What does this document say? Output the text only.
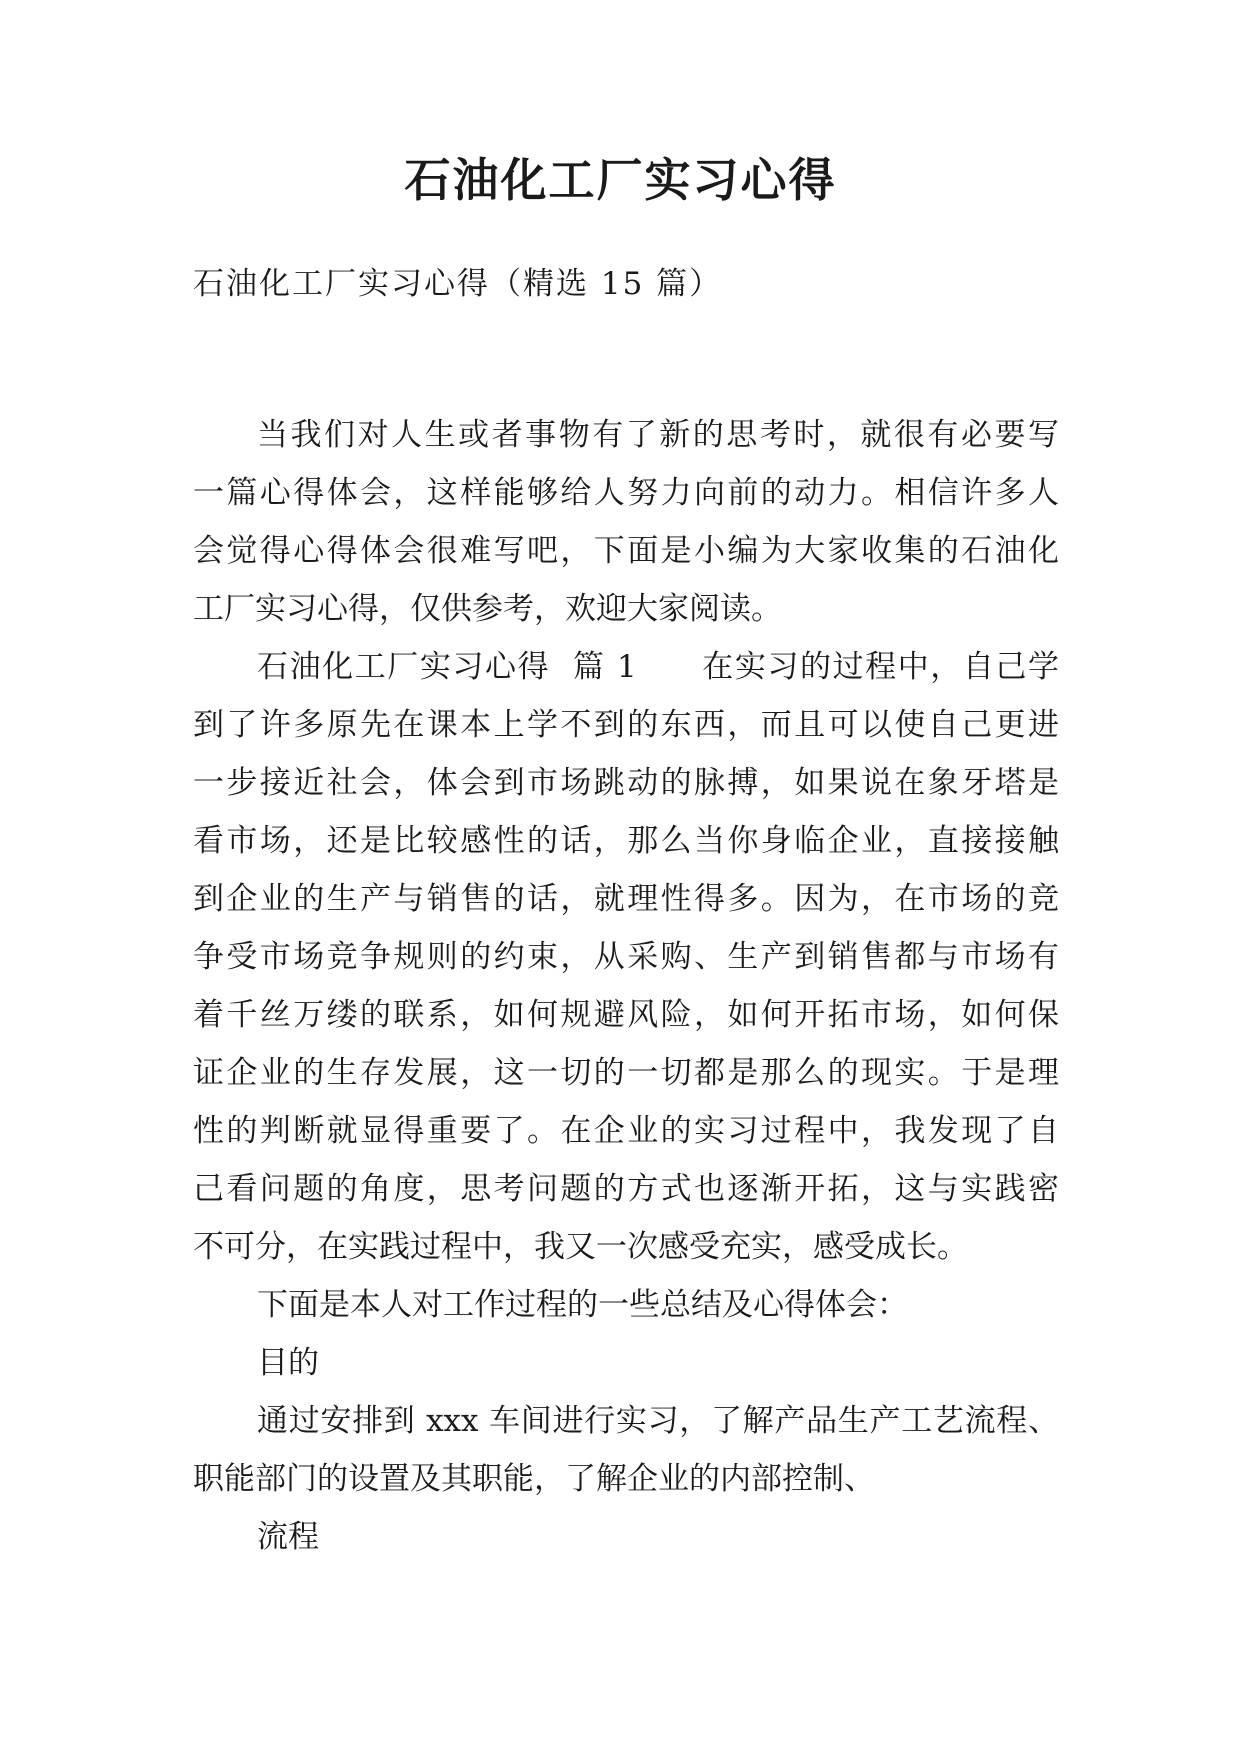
石油化工厂实习心得
石油化工厂实习心得（精选 15 篇）
当我们对人生或者事物有了新的思考时，就很有必要写
一篇心得体会，这样能够给人努力向前的动力。相信许多人
会觉得心得体会很难写吧，下面是小编为大家收集的石油化
工厂实习心得，仅供参考，欢迎大家阅读。
石油化工厂实习心得  篇 1 在实习的过程中，自己学
到了许多原先在课本上学不到的东西，而且可以使自己更进
一步接近社会，体会到市场跳动的脉搏，如果说在象牙塔是
看市场，还是比较感性的话，那么当你身临企业，直接接触
到企业的生产与销售的话，就理性得多。因为，在市场的竞
争受市场竞争规则的约束，从采购、生产到销售都与市场有
着千丝万缕的联系，如何规避风险，如何开拓市场，如何保
证企业的生存发展，这一切的一切都是那么的现实。于是理
性的判断就显得重要了。在企业的实习过程中，我发现了自
己看问题的角度，思考问题的方式也逐渐开拓，这与实践密
不可分，在实践过程中，我又一次感受充实，感受成长。
下面是本人对工作过程的一些总结及心得体会：
目的
通过安排到 xxx 车间进行实习，了解产品生产工艺流程、
职能部门的设置及其职能，了解企业的内部控制、
流程
